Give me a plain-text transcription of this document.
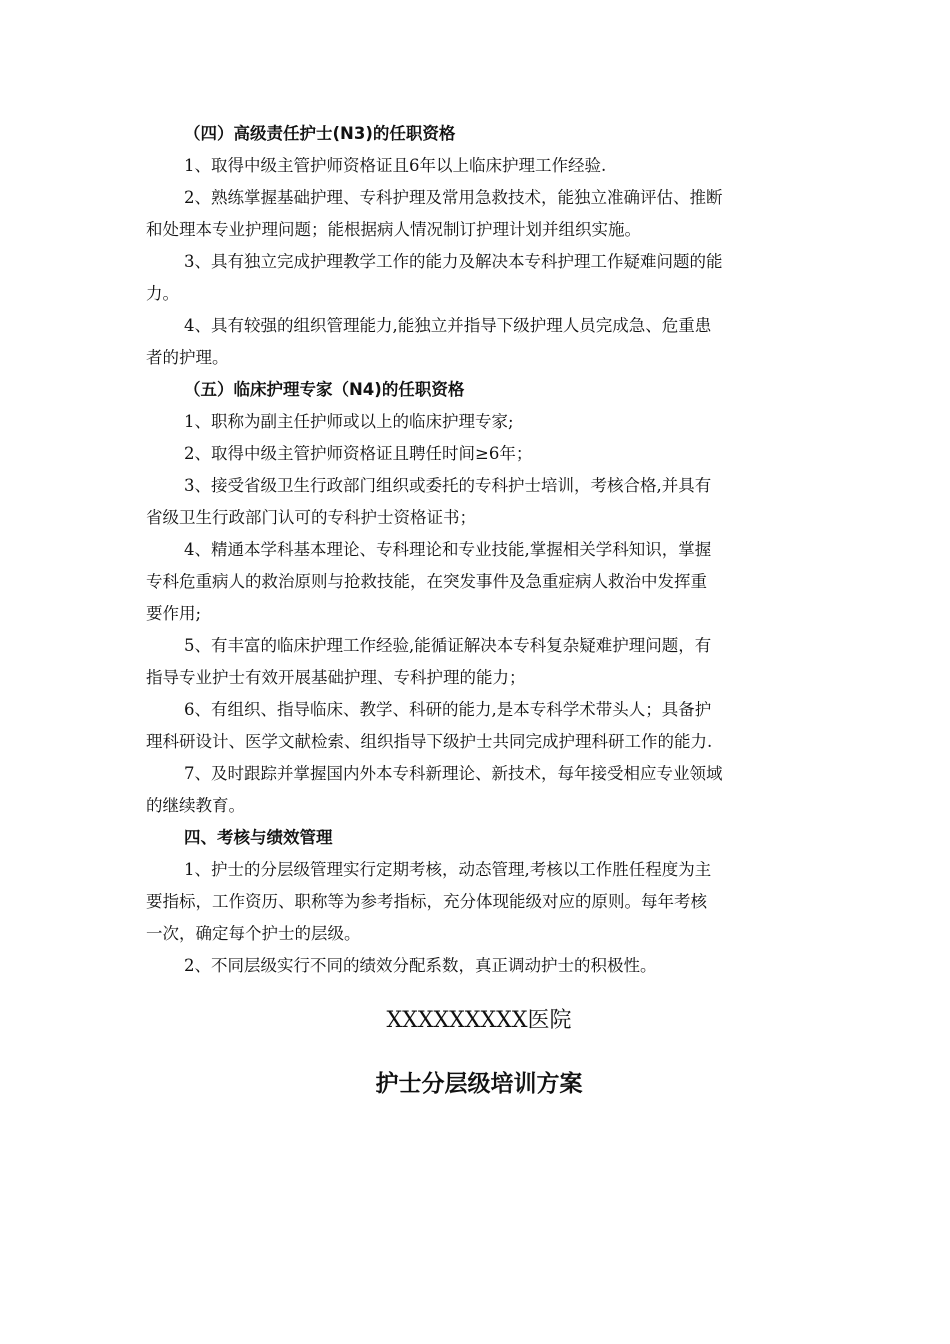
（四）高级责任护士(N3)的任职资格
1、取得中级主管护师资格证且6年以上临床护理工作经验.
2、熟练掌握基础护理、专科护理及常用急救技术，能独立准确评估、推断
和处理本专业护理问题；能根据病人情况制订护理计划并组织实施。
3、具有独立完成护理教学工作的能力及解决本专科护理工作疑难问题的能
力。
4、具有较强的组织管理能力,能独立并指导下级护理人员完成急、危重患
者的护理。
（五）临床护理专家（N4)的任职资格
1、职称为副主任护师或以上的临床护理专家;
2、取得中级主管护师资格证且聘任时间≥6年；
3、接受省级卫生行政部门组织或委托的专科护士培训，考核合格,并具有
省级卫生行政部门认可的专科护士资格证书；
4、精通本学科基本理论、专科理论和专业技能,掌握相关学科知识，掌握
专科危重病人的救治原则与抢救技能，在突发事件及急重症病人救治中发挥重
要作用;
5、有丰富的临床护理工作经验,能循证解决本专科复杂疑难护理问题，有
指导专业护士有效开展基础护理、专科护理的能力；
6、有组织、指导临床、教学、科研的能力,是本专科学术带头人；具备护
理科研设计、医学文献检索、组织指导下级护士共同完成护理科研工作的能力.
7、及时跟踪并掌握国内外本专科新理论、新技术，每年接受相应专业领域
的继续教育。
四、考核与绩效管理
1、护士的分层级管理实行定期考核，动态管理,考核以工作胜任程度为主
要指标，工作资历、职称等为参考指标，充分体现能级对应的原则。每年考核
一次，确定每个护士的层级。
2、不同层级实行不同的绩效分配系数，真正调动护士的积极性。
XXXXXXXXX医院
护士分层级培训方案
